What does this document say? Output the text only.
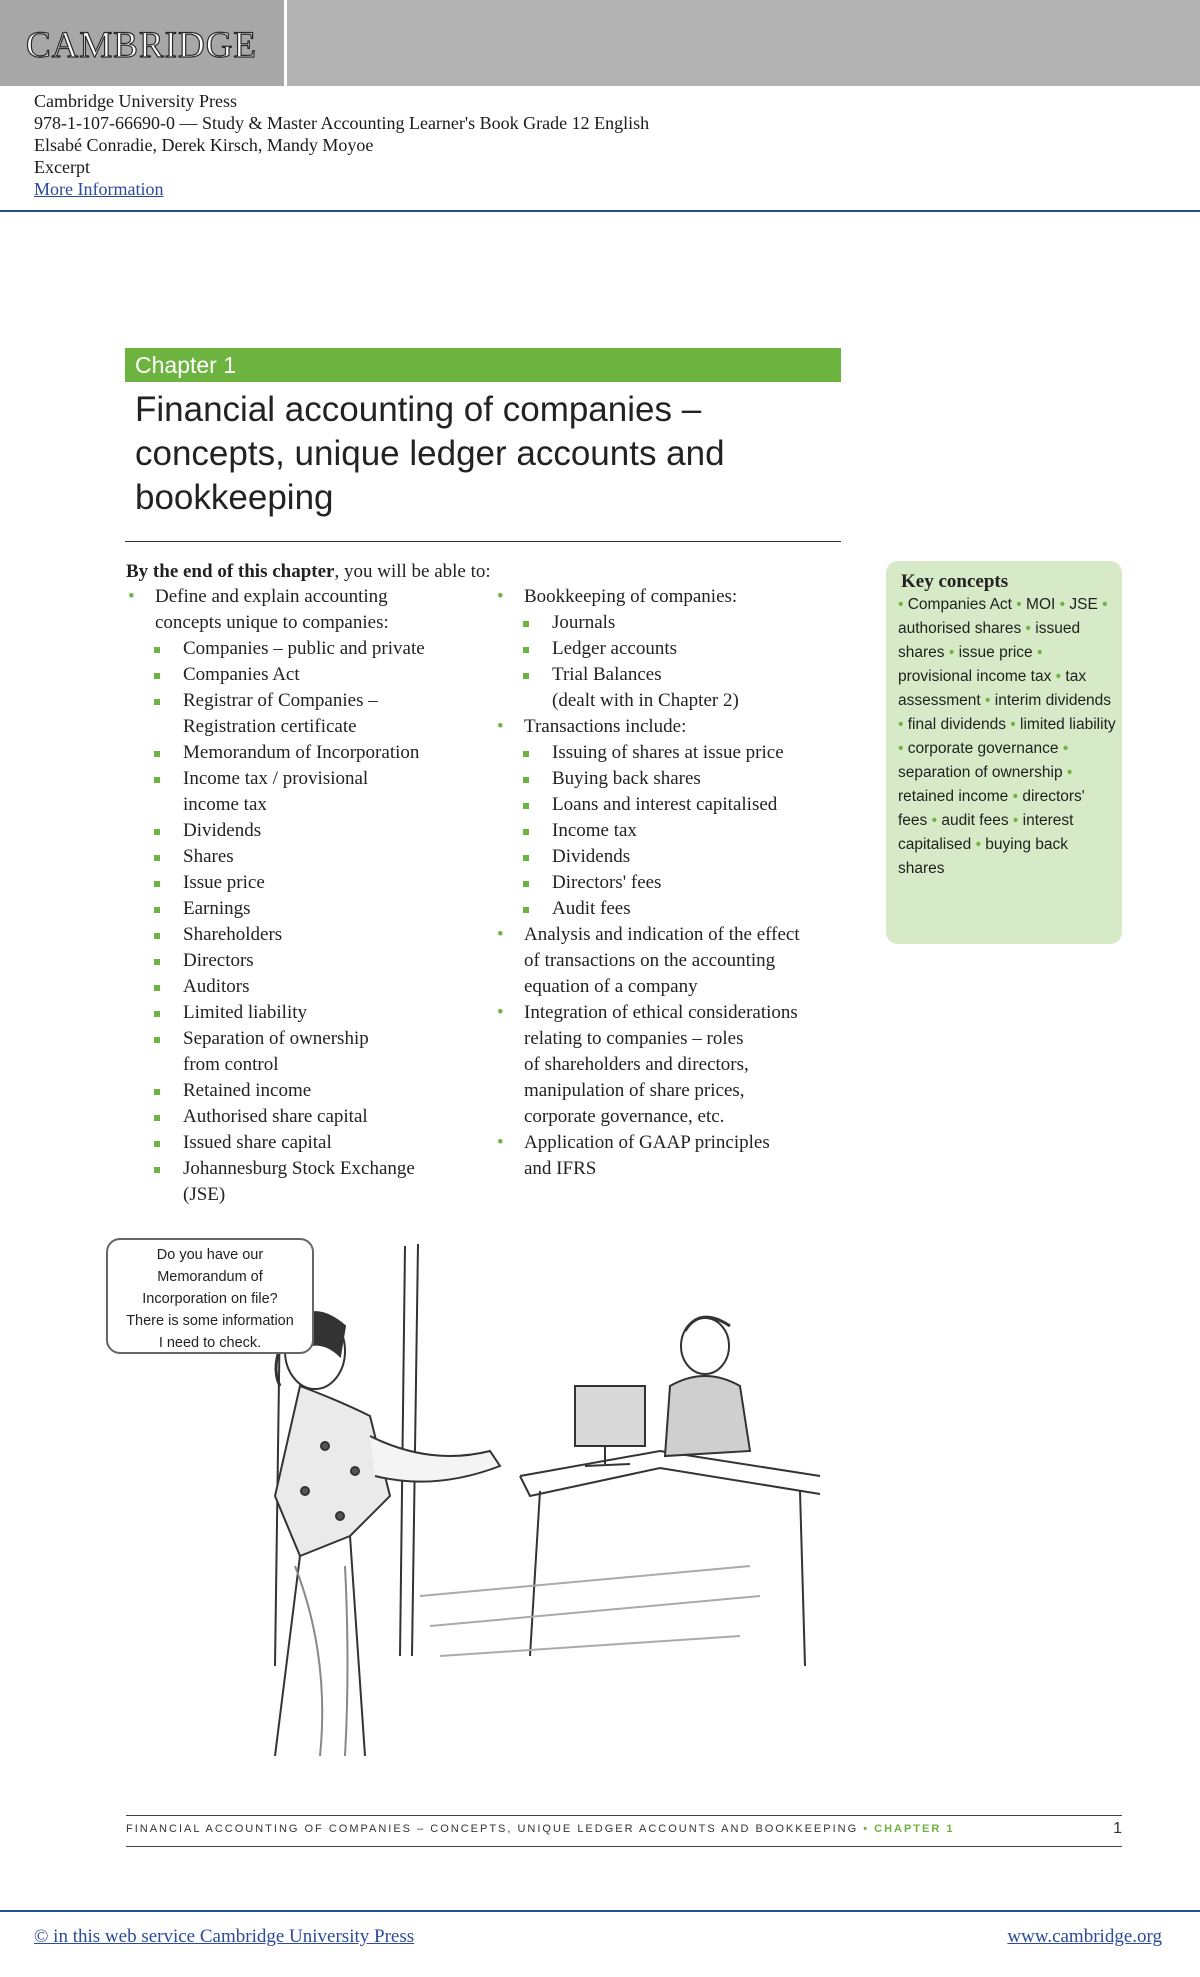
CAMBRIDGE
Cambridge University Press
978-1-107-66690-0 — Study & Master Accounting Learner's Book Grade 12 English
Elsabé Conradie, Derek Kirsch, Mandy Moyoe
Excerpt
More Information
Chapter 1
Financial accounting of companies –
concepts, unique ledger accounts and
bookkeeping
By the end of this chapter, you will be able to:
• Define and explain accounting
concepts unique to companies:
Companies – public and private
Companies Act
Registrar of Companies –
Registration certificate
Memorandum of Incorporation
Income tax / provisional
income tax
Dividends
Shares
Issue price
Earnings
Shareholders
Directors
Auditors
Limited liability
Separation of ownership
from control
Retained income
Authorised share capital
Issued share capital
Johannesburg Stock Exchange
(JSE)
• Bookkeeping of companies:
Journals
Ledger accounts
Trial Balances
(dealt with in Chapter 2)
• Transactions include:
Issuing of shares at issue price
Buying back shares
Loans and interest capitalised
Income tax
Dividends
Directors' fees
Audit fees
• Analysis and indication of the effect
of transactions on the accounting
equation of a company
• Integration of ethical considerations
relating to companies – roles
of shareholders and directors,
manipulation of share prices,
corporate governance, etc.
• Application of GAAP principles
and IFRS
Key concepts
• Companies Act • MOI • JSE • authorised shares • issued shares • issue price • provisional income tax • tax assessment • interim dividends • final dividends • limited liability • corporate governance • separation of ownership • retained income • directors' fees • audit fees • interest capitalised • buying back shares
Do you have our
Memorandum of
Incorporation on file?
There is some information
I need to check.
FINANCIAL ACCOUNTING OF COMPANIES – CONCEPTS, UNIQUE LEDGER ACCOUNTS AND BOOKKEEPING • CHAPTER 1	1
© in this web service Cambridge University Press	www.cambridge.org
